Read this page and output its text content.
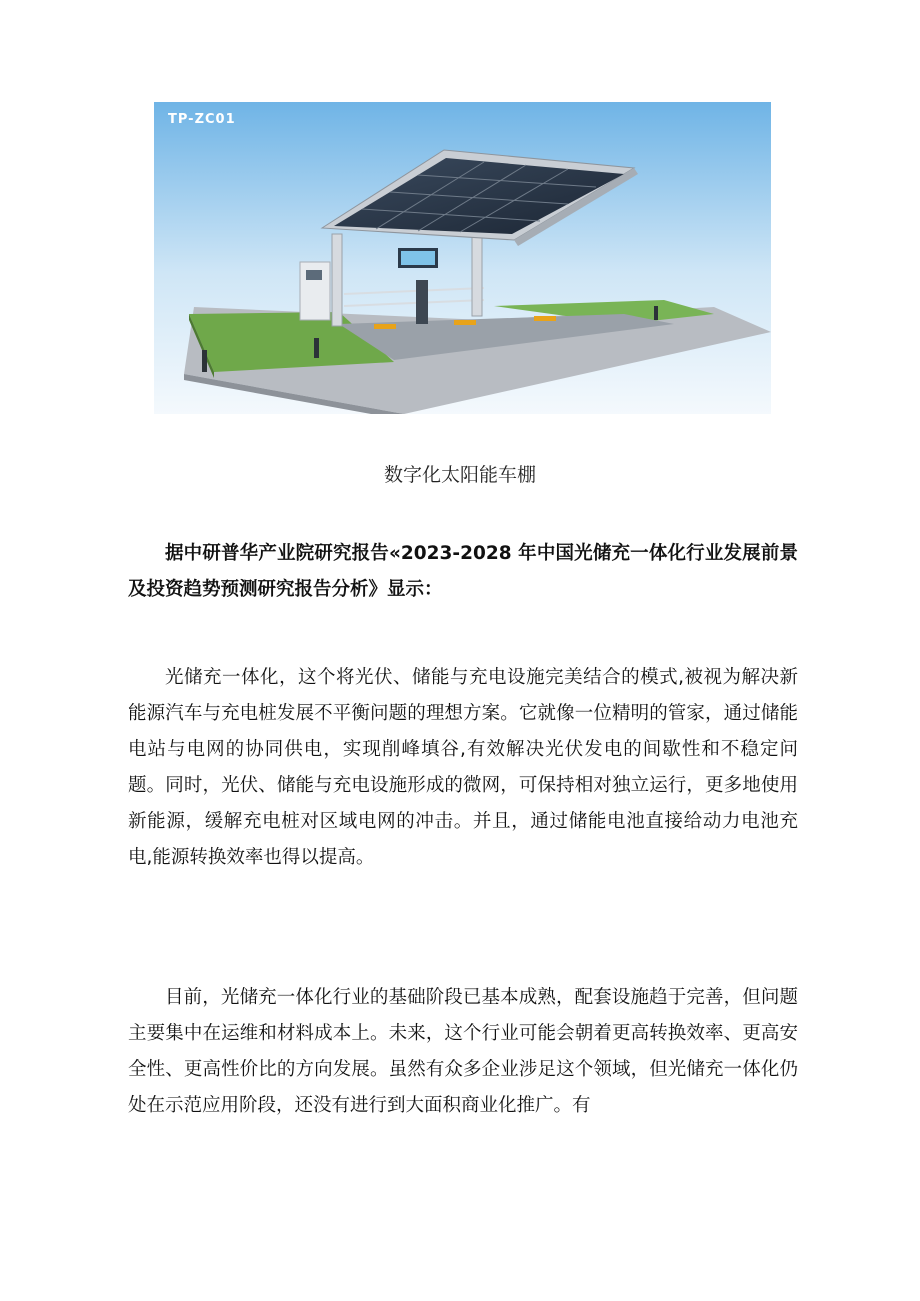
TP-ZC01
数字化太阳能车棚

据中研普华产业院研究报告«2023-2028 年中国光储充一体化行业发展前景及投资趋势预测研究报告分析》显示：

光储充一体化，这个将光伏、储能与充电设施完美结合的模式,被视为解决新能源汽车与充电桩发展不平衡问题的理想方案。它就像一位精明的管家，通过储能电站与电网的协同供电，实现削峰填谷,有效解决光伏发电的间歇性和不稳定问题。同时，光伏、储能与充电设施形成的微网，可保持相对独立运行，更多地使用新能源，缓解充电桩对区域电网的冲击。并且，通过储能电池直接给动力电池充电,能源转换效率也得以提高。

目前，光储充一体化行业的基础阶段已基本成熟，配套设施趋于完善，但问题主要集中在运维和材料成本上。未来，这个行业可能会朝着更高转换效率、更高安全性、更高性价比的方向发展。虽然有众多企业涉足这个领域，但光储充一体化仍处在示范应用阶段，还没有进行到大面积商业化推广。有
